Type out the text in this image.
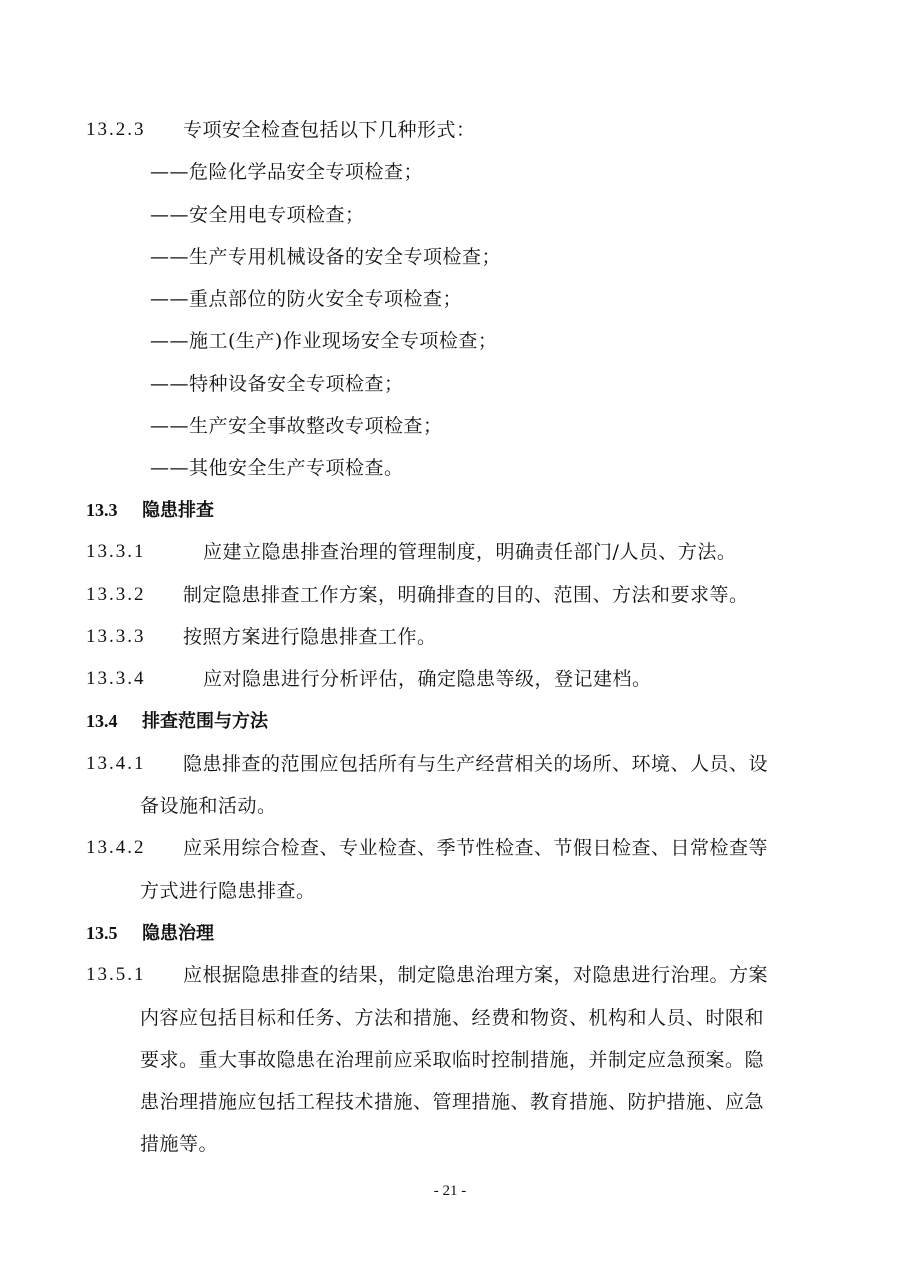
13.2.3 专项安全检查包括以下几种形式：
——危险化学品安全专项检查；
——安全用电专项检查；
——生产专用机械设备的安全专项检查；
——重点部位的防火安全专项检查；
——施工(生产)作业现场安全专项检查；
——特种设备安全专项检查；
——生产安全事故整改专项检查；
——其他安全生产专项检查。
13.3 隐患排查
13.3.1	应建立隐患排查治理的管理制度，明确责任部门/人员、方法。
13.3.2 制定隐患排查工作方案，明确排查的目的、范围、方法和要求等。
13.3.3 按照方案进行隐患排查工作。
13.3.4	应对隐患进行分析评估，确定隐患等级，登记建档。
13.4 排查范围与方法
13.4.1 隐患排查的范围应包括所有与生产经营相关的场所、环境、人员、设
备设施和活动。
13.4.2 应采用综合检查、专业检查、季节性检查、节假日检查、日常检查等
方式进行隐患排查。
13.5 隐患治理
13.5.1 应根据隐患排查的结果，制定隐患治理方案，对隐患进行治理。方案
内容应包括目标和任务、方法和措施、经费和物资、机构和人员、时限和
要求。重大事故隐患在治理前应采取临时控制措施，并制定应急预案。隐
患治理措施应包括工程技术措施、管理措施、教育措施、防护措施、应急
措施等。
- 21 -
